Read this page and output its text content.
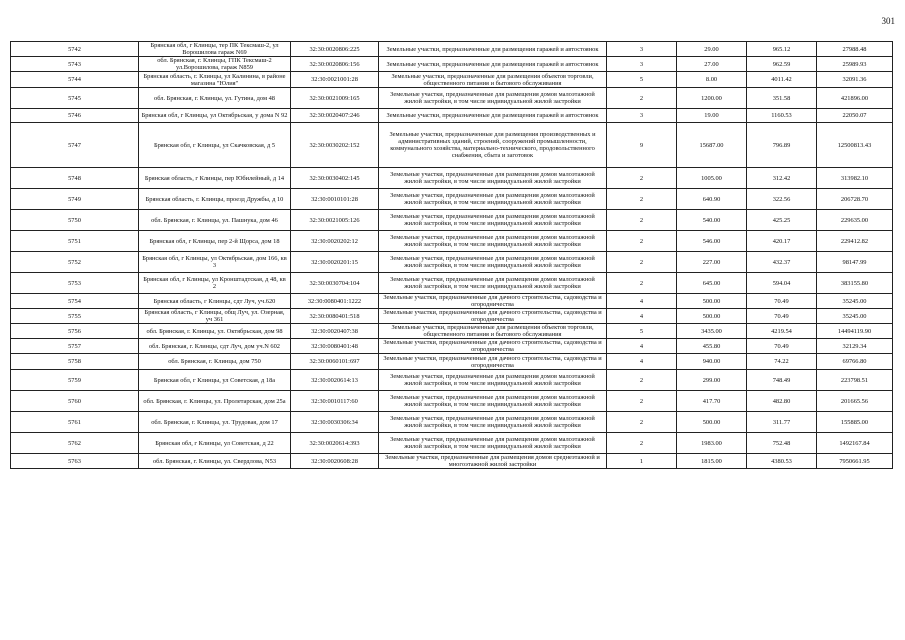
301
5742	Брянская обл, г Клинцы, тер ПК Тексмаш-2, ул Ворошилова гараж N69	32:30:0020806:225	Земельные участки, предназначенные для размещения гаражей и автостоянок	3	29.00	965.12	27988.48
5743	обл. Брянская, г. Клинцы, ГПК Тексмаш-2 ул.Ворошилова, гараж N859	32:30:0020806:156	Земельные участки, предназначенные для размещения гаражей и автостоянок	3	27.00	962.59	25989.93
5744	Брянская область, г. Клинцы, ул Калинина, в районе магазина "Юлия"	32:30:0021001:28	Земельные участки, предназначенные для размещения объектов торговли, общественного питания и бытового обслуживания	5	8.00	4011.42	32091.36
5745	обл. Брянская, г. Клинцы, ул. Гутина, дом 48	32:30:0021009:165	Земельные участки, предназначенные для размещения домов малоэтажной жилой застройки, в том числе индивидуальной жилой застройки	2	1200.00	351.58	421896.00
5746	Брянская обл, г Клинцы, ул Октябрьская, у дома N 92	32:30:0020407:246	Земельные участки, предназначенные для размещения гаражей и автостоянок	3	19.00	1160.53	22050.07
5747	Брянская обл, г Клинцы, ул Скачковская, д 5	32:30:0030202:152	Земельные участки, предназначенные для размещения производственных и административных зданий, строений, сооружений промышленности, коммунального хозяйства, материально-технического, продовольственного снабжения, сбыта и заготовок	9	15687.00	796.89	12500813.43
5748	Брянская область, г Клинцы, пер Юбилейный, д 14	32:30:0030402:145	Земельные участки, предназначенные для размещения домов малоэтажной жилой застройки, в том числе индивидуальной жилой застройки	2	1005.00	312.42	313982.10
5749	Брянская область, г. Клинцы, проезд Дружбы, д 10	32:30:0010101:28	Земельные участки, предназначенные для размещения домов малоэтажной жилой застройки, в том числе индивидуальной жилой застройки	2	640.90	322.56	206728.70
5750	обл. Брянская, г. Клинцы, ул. Пашнука, дом 46	32:30:0021005:126	Земельные участки, предназначенные для размещения домов малоэтажной жилой застройки, в том числе индивидуальной жилой застройки	2	540.00	425.25	229635.00
5751	Брянская обл, г Клинцы, пер 2-й Щорса, дом 18	32:30:0020202:12	Земельные участки, предназначенные для размещения домов малоэтажной жилой застройки, в том числе индивидуальной жилой застройки	2	546.00	420.17	229412.82
5752	Брянская обл, г Клинцы, ул Октябрьская, дом 166, кв 3	32:30:0020201:15	Земельные участки, предназначенные для размещения домов малоэтажной жилой застройки, в том числе индивидуальной жилой застройки	2	227.00	432.37	98147.99
5753	Брянская обл, г Клинцы, ул Кронштадтская, д 48, кв 2	32:30:0030704:104	Земельные участки, предназначенные для размещения домов малоэтажной жилой застройки, в том числе индивидуальной жилой застройки	2	645.00	594.04	383155.80
5754	Брянская область, г Клинцы, сдт Луч, уч.620	32:30:0080401:1222	Земельные участки, предназначенные для дачного строительства, садоводства и огородничества	4	500.00	70.49	35245.00
5755	Брянская область, г Клинцы, общ Луч, ул. Озерная, уч 361	32:30:0080401:518	Земельные участки, предназначенные для дачного строительства, садоводства и огородничества	4	500.00	70.49	35245.00
5756	обл. Брянская, г. Клинцы, ул. Октябрьская, дом 98	32:30:0020407:38	Земельные участки, предназначенные для размещения объектов торговли, общественного питания и бытового обслуживания	5	3435.00	4219.54	14494119.90
5757	обл. Брянская, г. Клинцы, сдт Луч, дом уч.N 602	32:30:0080401:48	Земельные участки, предназначенные для дачного строительства, садоводства и огородничества	4	455.80	70.49	32129.34
5758	обл. Брянская, г. Клинцы, дом 750	32:30:0060101:697	Земельные участки, предназначенные для дачного строительства, садоводства и огородничества	4	940.00	74.22	69766.80
5759	Брянская обл, г Клинцы, ул Советская, д 18а	32:30:0020614:13	Земельные участки, предназначенные для размещения домов малоэтажной жилой застройки, в том числе индивидуальной жилой застройки	2	299.00	748.49	223798.51
5760	обл. Брянская, г. Клинцы, ул. Пролетарская, дом 25а	32:30:0010117:60	Земельные участки, предназначенные для размещения домов малоэтажной жилой застройки, в том числе индивидуальной жилой застройки	2	417.70	482.80	201665.56
5761	обл. Брянская, г. Клинцы, ул. Трудовая, дом 17	32:30:0030306:34	Земельные участки, предназначенные для размещения домов малоэтажной жилой застройки, в том числе индивидуальной жилой застройки	2	500.00	311.77	155885.00
5762	Брянская обл, г Клинцы, ул Советская, д 22	32:30:0020614:393	Земельные участки, предназначенные для размещения домов малоэтажной жилой застройки, в том числе индивидуальной жилой застройки	2	1983.00	752.48	1492167.84
5763	обл. Брянская, г. Клинцы, ул. Свердлова, N53	32:30:0020608:28	Земельные участки, предназначенные для размещения домов среднеэтажной и многоэтажной жилой застройки	1	1815.00	4380.53	7950661.95
